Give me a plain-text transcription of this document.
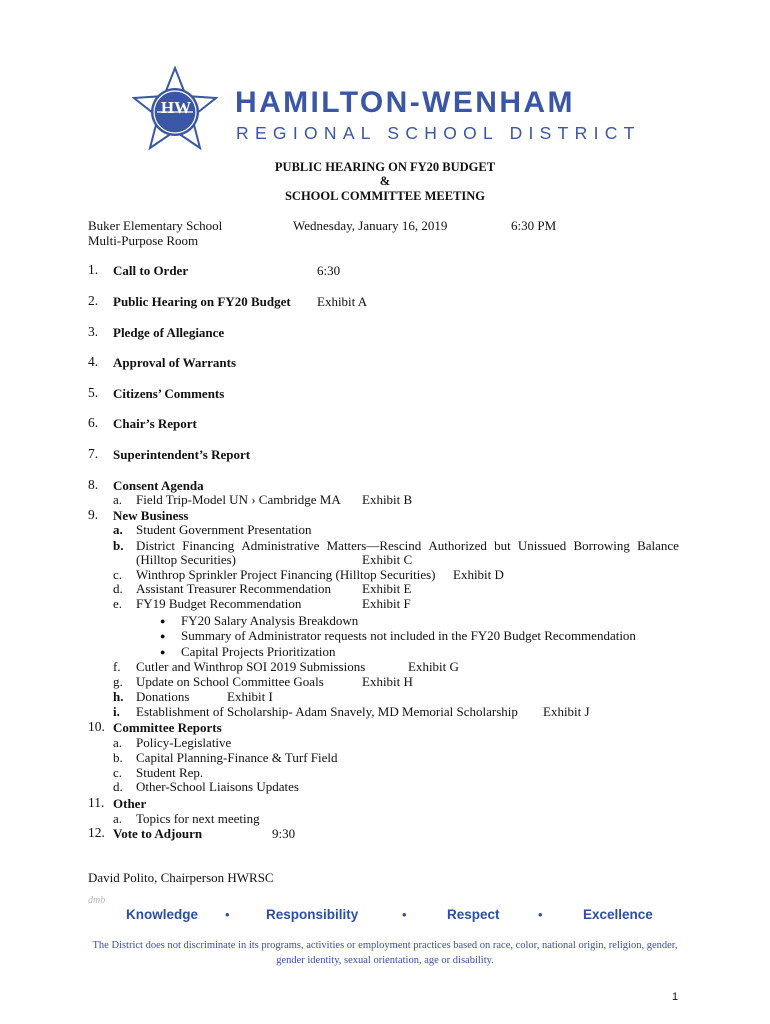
HW	HAMILTON-WENHAM
REGIONAL SCHOOL DISTRICT
PUBLIC HEARING ON FY20 BUDGET
&
SCHOOL COMMITTEE MEETING
Buker Elementary School
Multi-Purpose Room
Wednesday, January 16, 2019	6:30 PM
1. Call to Order	6:30
2. Public Hearing on FY20 Budget Exhibit A
3. Pledge of Allegiance
4. Approval of Warrants
5. Citizens’ Comments
6. Chair’s Report
7. Superintendent’s Report
8. Consent Agenda
a. Field Trip-Model UN › Cambridge MA Exhibit B
9. New Business
a. Student Government Presentation
b. District Financing Administrative Matters—Rescind Authorized but Unissued Borrowing Balance
(Hilltop Securities)	Exhibit C
c. Winthrop Sprinkler Project Financing (Hilltop Securities) Exhibit D
d. Assistant Treasurer Recommendation Exhibit E
e. FY19 Budget Recommendation	Exhibit F
● FY20 Salary Analysis Breakdown
● Summary of Administrator requests not included in the FY20 Budget Recommendation
● Capital Projects Prioritization
f. Cutler and Winthrop SOI 2019 Submissions	Exhibit G
g. Update on School Committee Goals	Exhibit H
h. Donations	Exhibit I
i. Establishment of Scholarship- Adam Snavely, MD Memorial Scholarship Exhibit J
10. Committee Reports
a. Policy-Legislative
b. Capital Planning-Finance & Turf Field
c. Student Rep.
d. Other-School Liaisons Updates
11. Other
a. Topics for next meeting
12. Vote to Adjourn	9:30
David Polito, Chairperson HWRSC
dmb
Knowledge •	Responsibility	•	Respect	•	Excellence
The District does not discriminate in its programs, activities or employment practices based on race, color, national origin, religion, gender,
gender identity, sexual orientation, age or disability.
1
